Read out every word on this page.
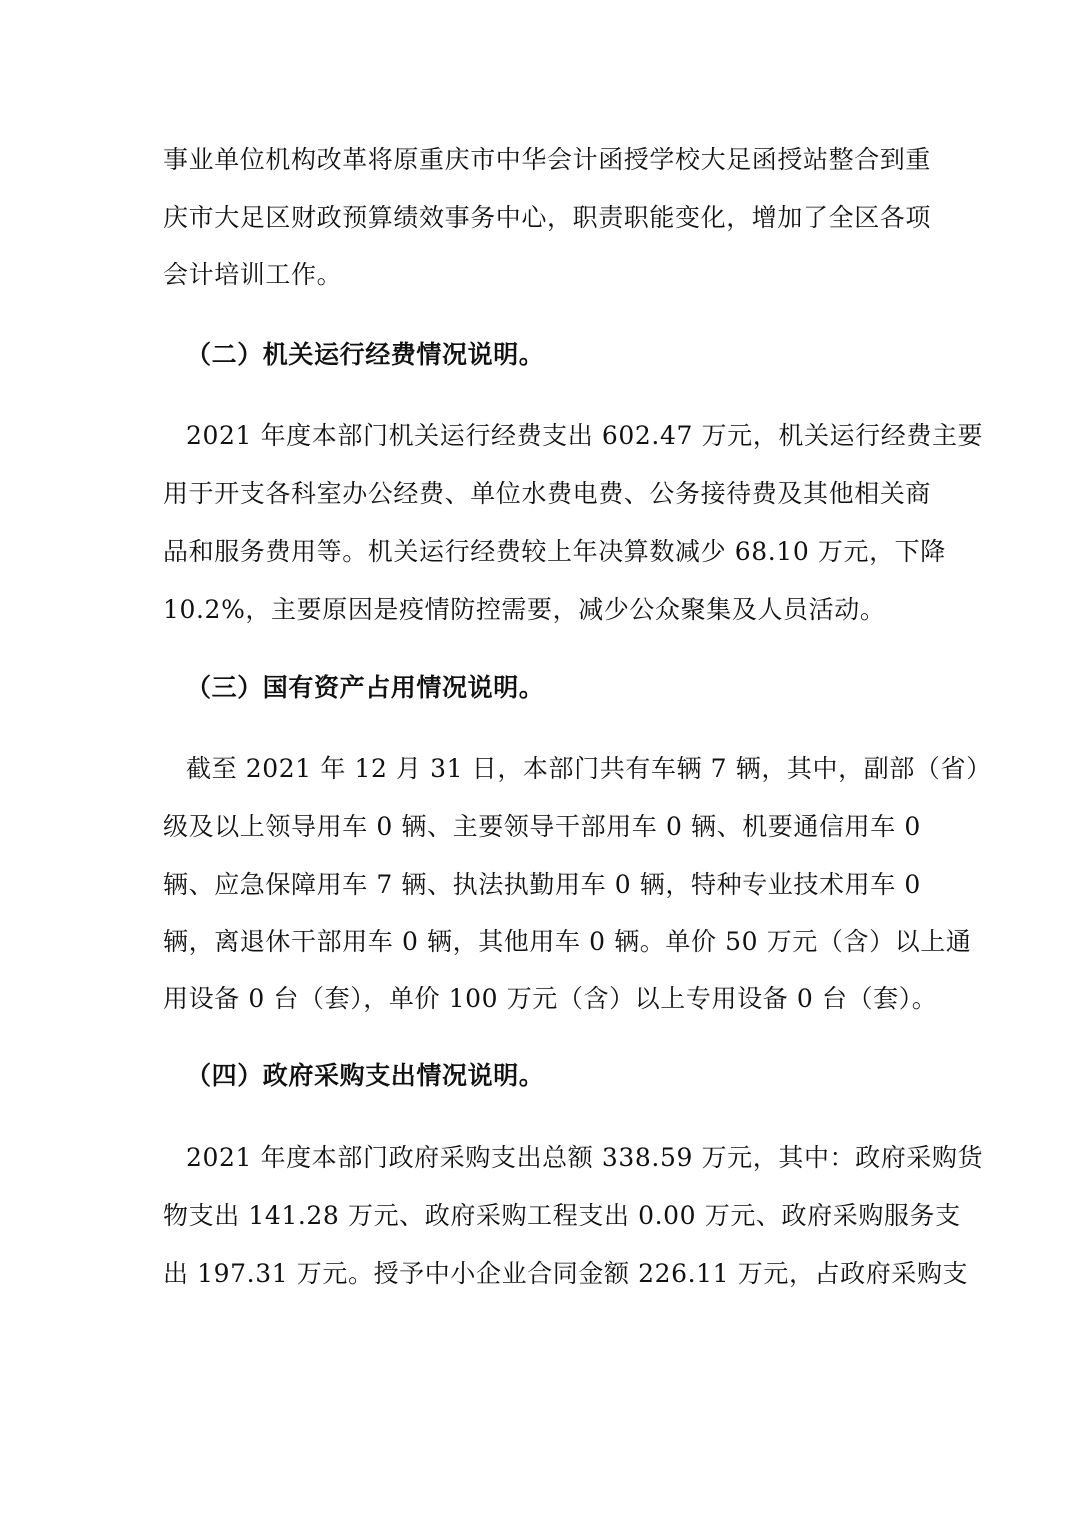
事业单位机构改革将原重庆市中华会计函授学校大足函授站整合到重
庆市大足区财政预算绩效事务中心，职责职能变化，增加了全区各项
会计培训工作。
（二）机关运行经费情况说明。
2021 年度本部门机关运行经费支出 602.47 万元，机关运行经费主要
用于开支各科室办公经费、单位水费电费、公务接待费及其他相关商
品和服务费用等。机关运行经费较上年决算数减少 68.10 万元，下降
10.2%，主要原因是疫情防控需要，减少公众聚集及人员活动。
（三）国有资产占用情况说明。
截至 2021 年 12 月 31 日，本部门共有车辆 7 辆，其中，副部（省）
级及以上领导用车 0 辆、主要领导干部用车 0 辆、机要通信用车 0
辆、应急保障用车 7 辆、执法执勤用车 0 辆，特种专业技术用车 0
辆，离退休干部用车 0 辆，其他用车 0 辆。单价 50 万元（含）以上通
用设备 0 台（套），单价 100 万元（含）以上专用设备 0 台（套）。
（四）政府采购支出情况说明。
2021 年度本部门政府采购支出总额 338.59 万元，其中：政府采购货
物支出 141.28 万元、政府采购工程支出 0.00 万元、政府采购服务支
出 197.31 万元。授予中小企业合同金额 226.11 万元，占政府采购支
